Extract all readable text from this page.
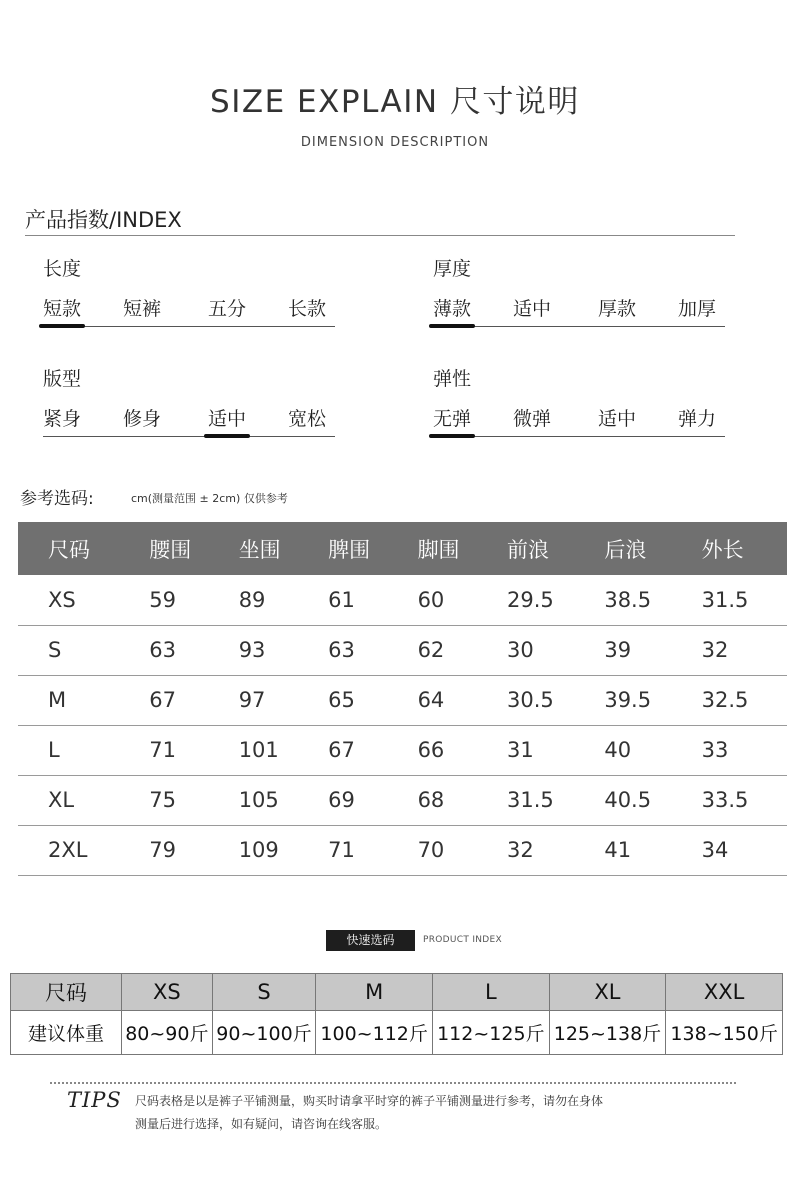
SIZE EXPLAIN 尺寸说明
DIMENSION DESCRIPTION
产品指数/INDEX
长度
短款	短裤	五分	长款
厚度
薄款	适中	厚款	加厚
版型
紧身	修身	适中	宽松
弹性
无弹	微弹	适中	弹力
参考选码:	cm(测量范围 ± 2cm) 仅供参考
尺码	腰围	坐围	脾围	脚围	前浪	后浪	外长
XS	59	89	61	60	29.5	38.5	31.5
S	63	93	63	62	30	39	32
M	67	97	65	64	30.5	39.5	32.5
L	71	101	67	66	31	40	33
XL	75	105	69	68	31.5	40.5	33.5
2XL	79	109	71	70	32	41	34
快速选码	PRODUCT INDEX
尺码	XS	S	M	L	XL	XXL
建议体重	80~90斤	90~100斤	100~112斤	112~125斤	125~138斤	138~150斤
TIPS 尺码表格是以是裤子平铺测量，购买时请拿平时穿的裤子平铺测量进行参考，请勿在身体
测量后进行选择，如有疑问，请咨询在线客服。
